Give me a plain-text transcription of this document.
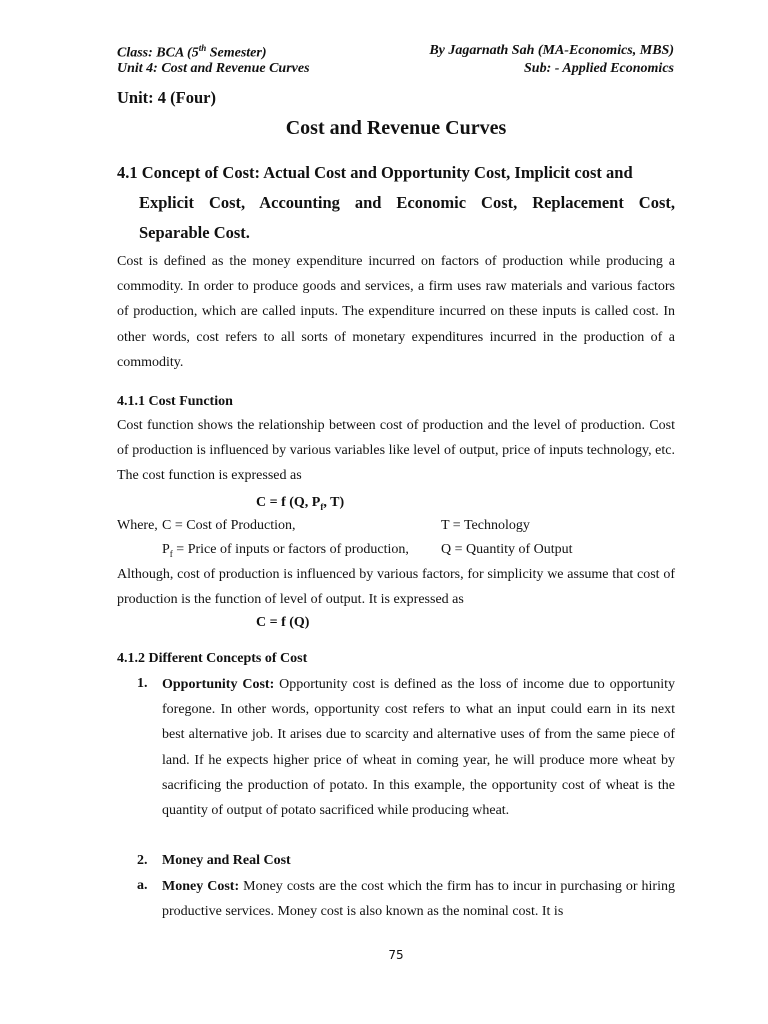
Class: BCA (5th Semester)	By Jagarnath Sah (MA-Economics, MBS)
Unit 4: Cost and Revenue Curves	Sub: - Applied Economics
Unit: 4 (Four)
Cost and Revenue Curves
4.1 Concept of Cost: Actual Cost and Opportunity Cost, Implicit cost and
Explicit Cost, Accounting and Economic Cost, Replacement Cost,
Separable Cost.
Cost is defined as the money expenditure incurred on factors of production while producing a commodity. In order to produce goods and services, a firm uses raw materials and various factors of production, which are called inputs. The expenditure incurred on these inputs is called cost. In other words, cost refers to all sorts of monetary expenditures incurred in the production of a commodity.
4.1.1 Cost Function
Cost function shows the relationship between cost of production and the level of production. Cost of production is influenced by various variables like level of output, price of inputs technology, etc. The cost function is expressed as
C = f (Q, $P_f$, T)
Where, C = Cost of Production,	T = Technology
$P_f$ = Price of inputs or factors of production, Q = Quantity of Output
Although, cost of production is influenced by various factors, for simplicity we assume that cost of production is the function of level of output. It is expressed as
C = f (Q)
4.1.2 Different Concepts of Cost
1. Opportunity Cost: Opportunity cost is defined as the loss of income due to opportunity foregone. In other words, opportunity cost refers to what an input could earn in its next best alternative job. It arises due to scarcity and alternative uses of from the same piece of land. If he expects higher price of wheat in coming year, he will produce more wheat by sacrificing the production of potato. In this example, the opportunity cost of wheat is the quantity of output of potato sacrificed while producing wheat.
2. Money and Real Cost
a. Money Cost: Money costs are the cost which the firm has to incur in purchasing or hiring productive services. Money cost is also known as the nominal cost. It is
75
